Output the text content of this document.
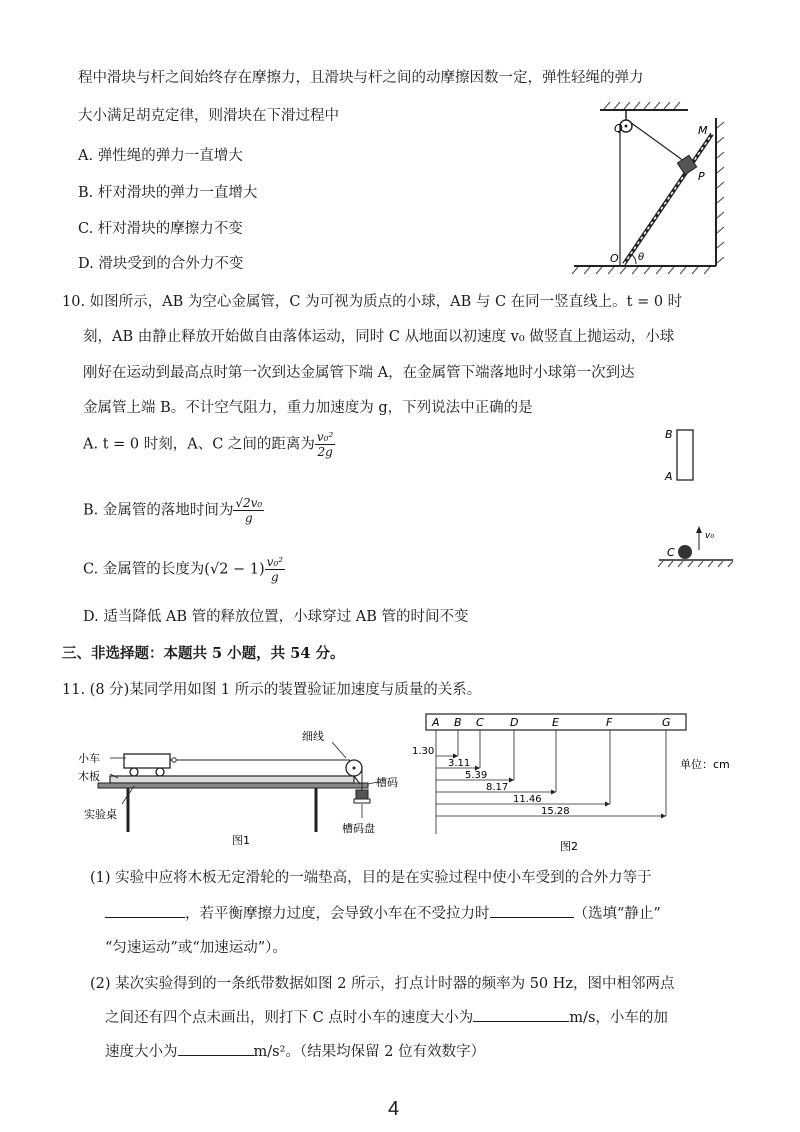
程中滑块与杆之间始终存在摩擦力，且滑块与杆之间的动摩擦因数一定，弹性轻绳的弹力
大小满足胡克定律，则滑块在下滑过程中
A. 弹性绳的弹力一直增大
B. 杆对滑块的弹力一直增大
C. 杆对滑块的摩擦力不变
D. 滑块受到的合外力不变
Q	M
P
O θ
10. 如图所示，AB 为空心金属管，C 为可视为质点的小球，AB 与 C 在同一竖直线上。t = 0 时
刻，AB 由静止释放开始做自由落体运动，同时 C 从地面以初速度 v₀ 做竖直上抛运动，小球
刚好在运动到最高点时第一次到达金属管下端 A，在金属管下端落地时小球第一次到达
金属管上端 B。不计空气阻力，重力加速度为 g，下列说法中正确的是
A. t = 0 时刻，A、C 之间的距离为 $\frac{\text{v₀²}}{2g}$
B. 金属管的落地时间为 $\frac{\text{√2v₀}}{g}$
C. 金属管的长度为$(√2 - 1) \frac{\text{v₀²}}{g}$
D. 适当降低 AB 管的释放位置，小球穿过 AB 管的时间不变
B
A
C
v₀
三、非选择题：本题共 5 小题，共 54 分。
11. (8 分)某同学用如图 1 所示的装置验证加速度与质量的关系。
小车
木板
实验桌
细线
槽码
槽码盘
图1
A B C D	E	F	G
1.30
3.11
5.39
8.17
11.46
15.28
单位：cm
图2
(1) 实验中应将木板无定滑轮的一端垫高，目的是在实验过程中使小车受到的合外力等于
，若平衡摩擦力过度，会导致小车在不受拉力时	（选填“静止”
“匀速运动”或“加速运动”）。
(2) 某次实验得到的一条纸带数据如图 2 所示，打点计时器的频率为 50 Hz，图中相邻两点
之间还有四个点未画出，则打下 C 点时小车的速度大小为	m/s，小车的加
速度大小为	m/s²。（结果均保留 2 位有效数字）
4
